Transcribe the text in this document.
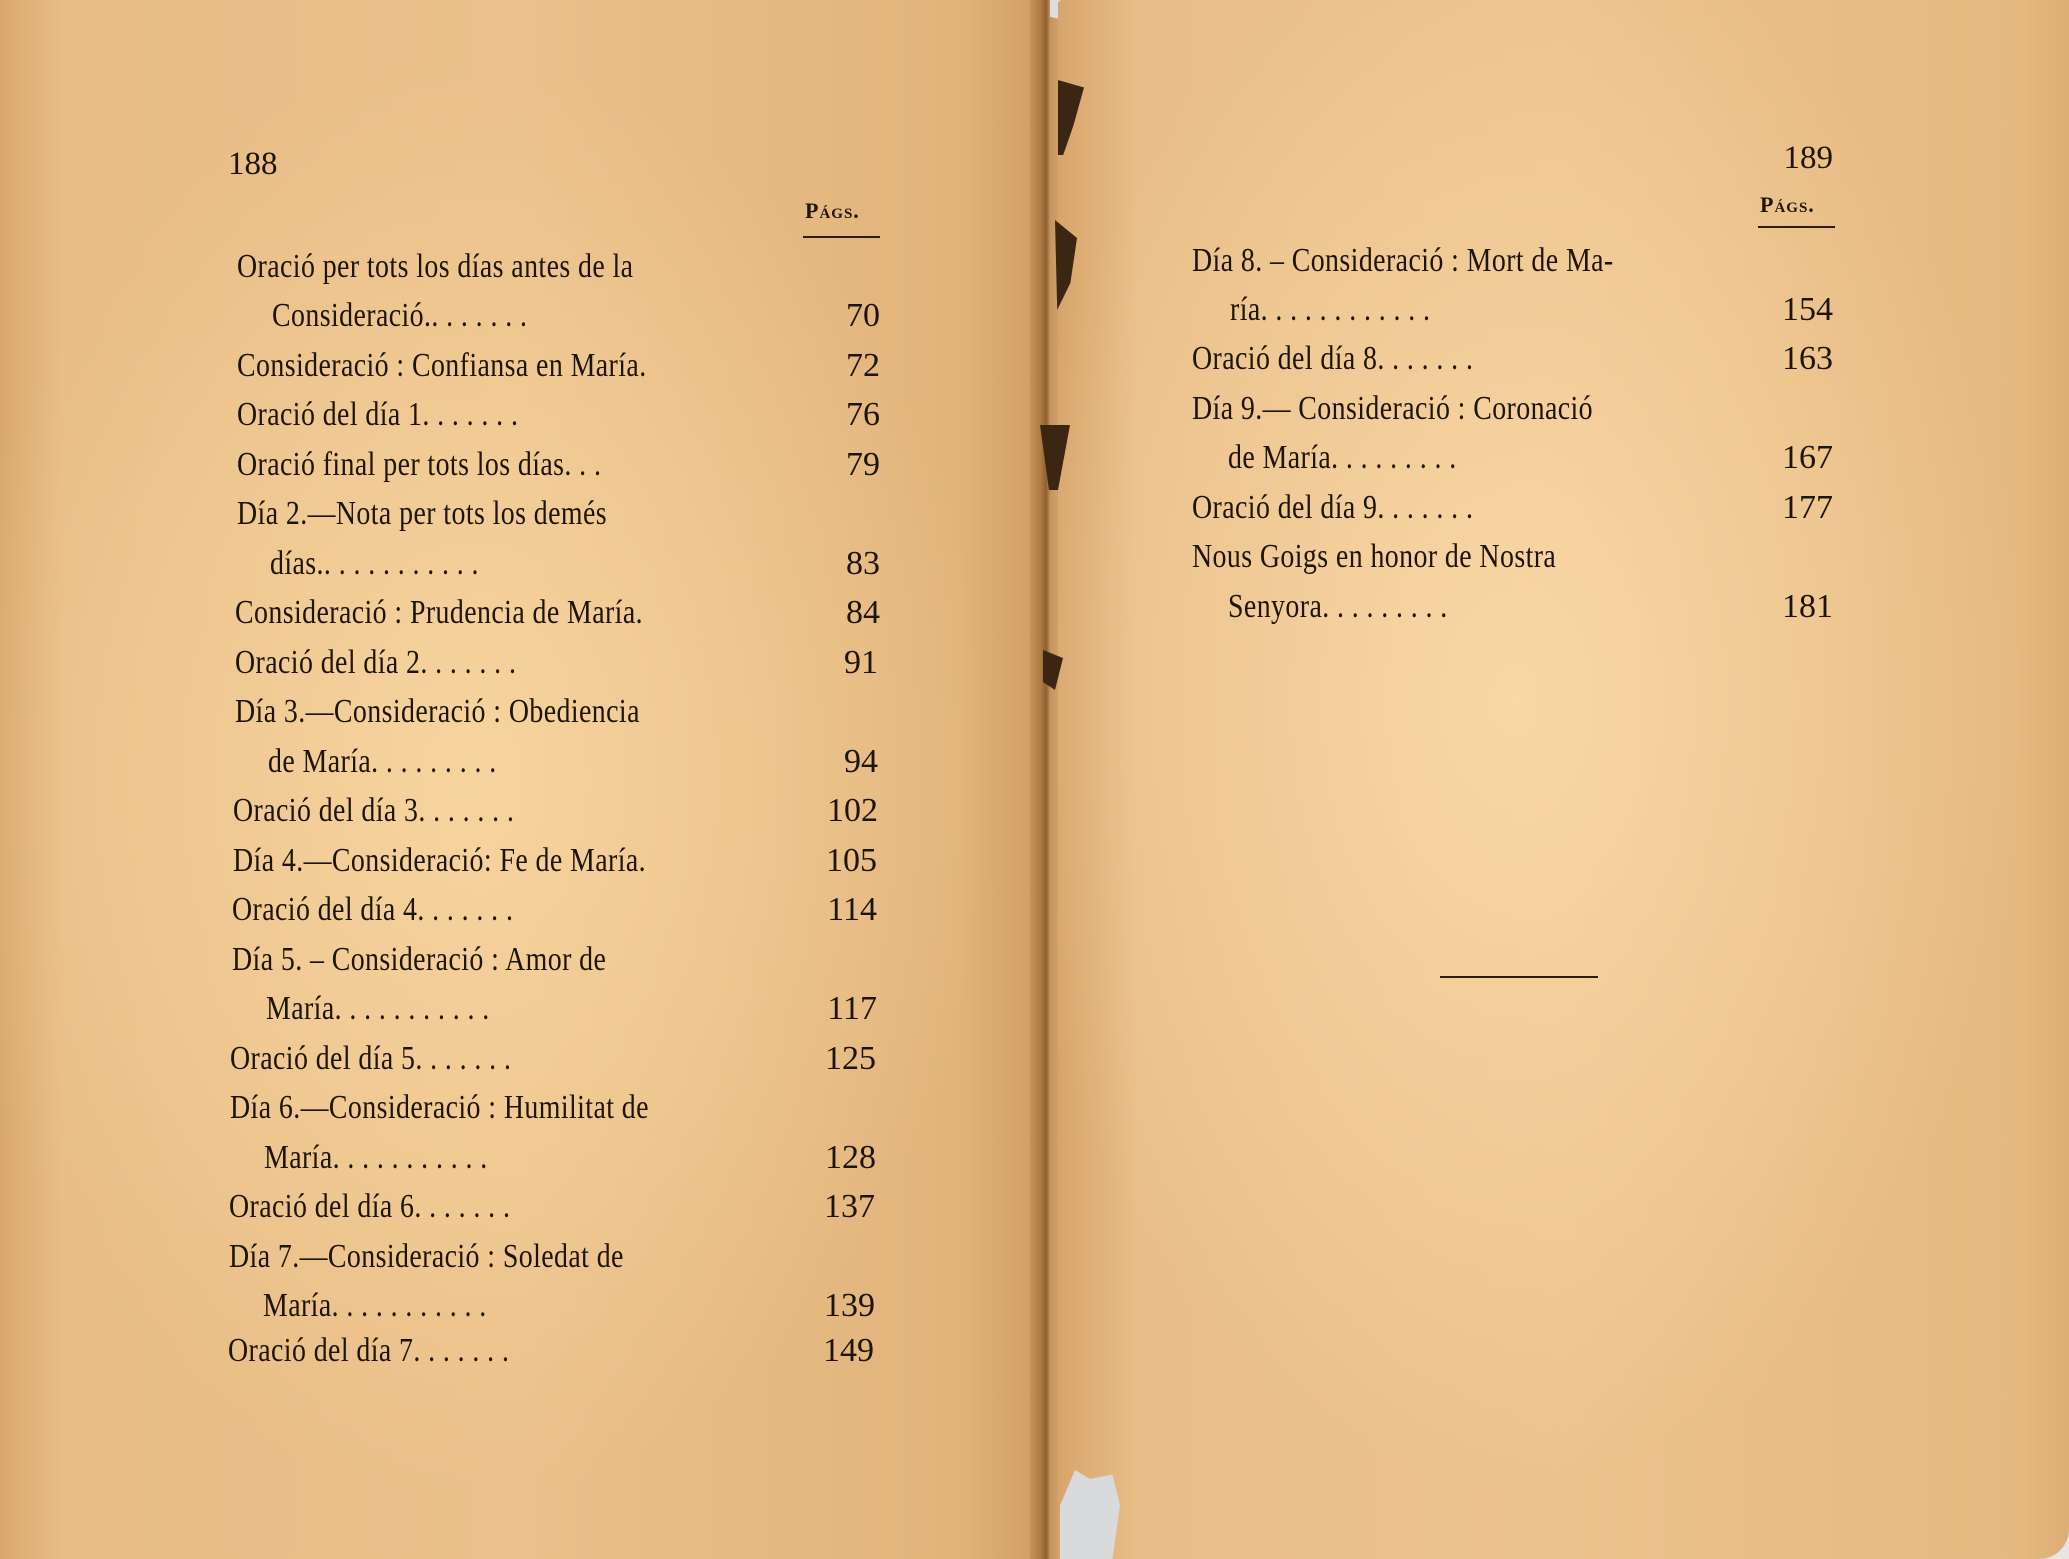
188
Págs.
Oració per tots los días antes de la
Consideració.. . . . . . .	70
Consideració : Confiansa en María.	72
Oració del día 1. . . . . . .	76
Oració final per tots los días. . .	79
Día 2.—Nota per tots los demés
días.. . . . . . . . . . .	83
Consideració : Prudencia de María.	84
Oració del día 2. . . . . . .	91
Día 3.—Consideració : Obediencia
de María. . . . . . . . .	94
Oració del día 3. . . . . . .	102
Día 4.—Consideració: Fe de María.	105
Oració del día 4. . . . . . .	114
Día 5. – Consideració : Amor de
María. . . . . . . . . . .	117
Oració del día 5. . . . . . .	125
Día 6.—Consideració : Humilitat de
María. . . . . . . . . . .	128
Oració del día 6. . . . . . .	137
Día 7.—Consideració : Soledat de
María. . . . . . . . . . .	139
Oració del día 7. . . . . . .	149
189
Págs.
Día 8. – Consideració : Mort de Ma-
ría. . . . . . . . . . . .	154
Oració del día 8. . . . . . .	163
Día 9.— Consideració : Coronació
de María. . . . . . . . .	167
Oració del día 9. . . . . . .	177
Nous Goigs en honor de Nostra
Senyora. . . . . . . . .	181
